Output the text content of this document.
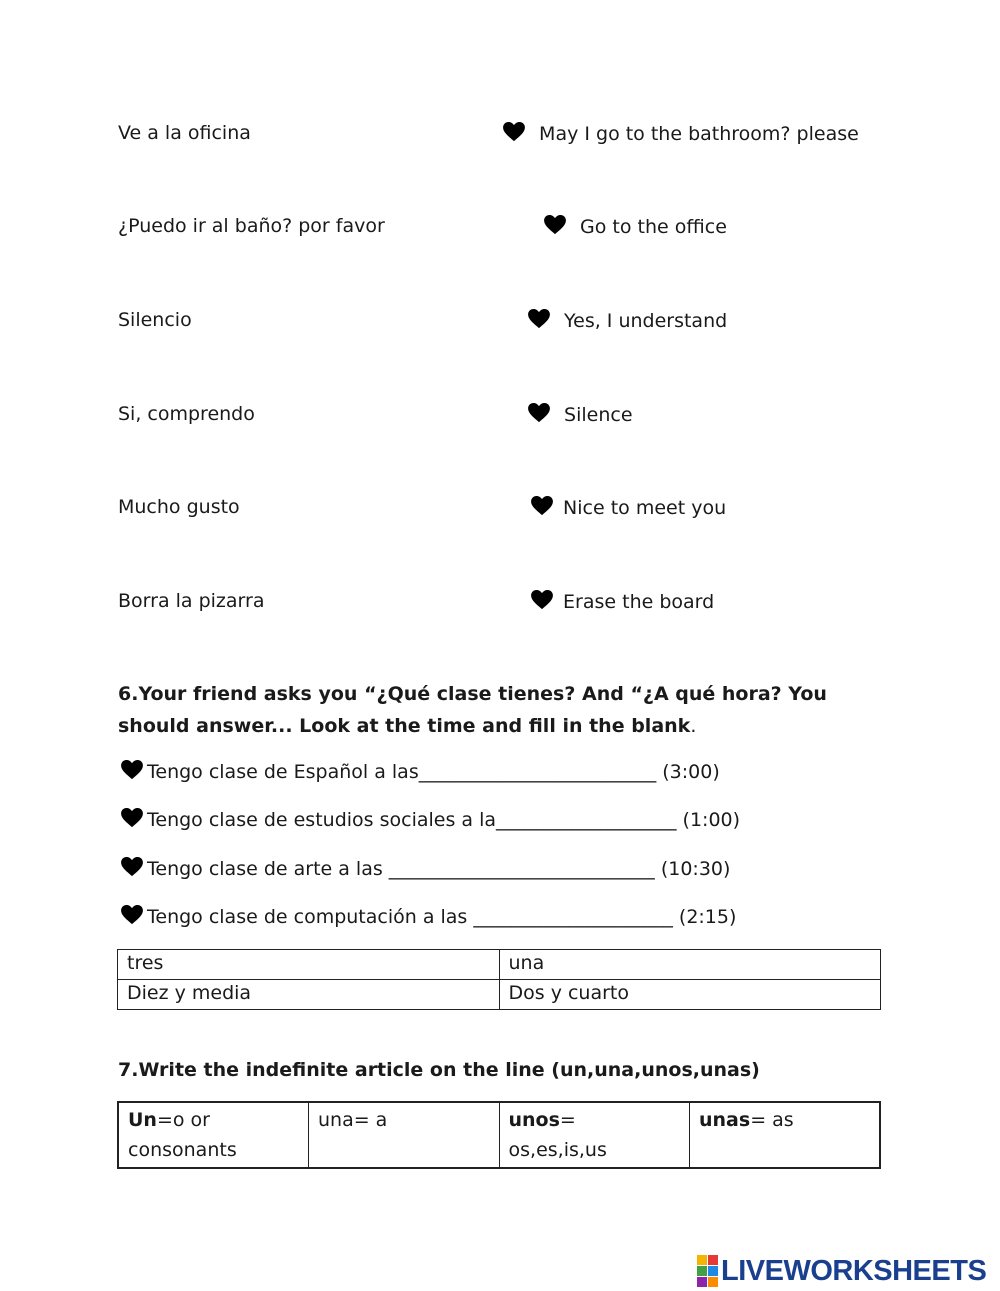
Ve a la oficina	May I go to the bathroom? please
¿Puedo ir al baño? por favor	Go to the office
Silencio	Yes, I understand
Si, comprendo	Silence
Mucho gusto	Nice to meet you
Borra la pizarra	Erase the board
6.Your friend asks you “¿Qué clase tienes? And “¿A qué hora? You should answer... Look at the time and fill in the blank.
Tengo clase de Español a las_________________________ (3:00)
Tengo clase de estudios sociales a la___________________ (1:00)
Tengo clase de arte a las ____________________________ (10:30)
Tengo clase de computación a las _____________________ (2:15)
tres	una
Diez y media	Dos y cuarto
7.Write the indefinite article on the line (un,una,unos,unas)
Un=o or consonants	una= a	unos= os,es,is,us	unas= as
LIVEWORKSHEETS
